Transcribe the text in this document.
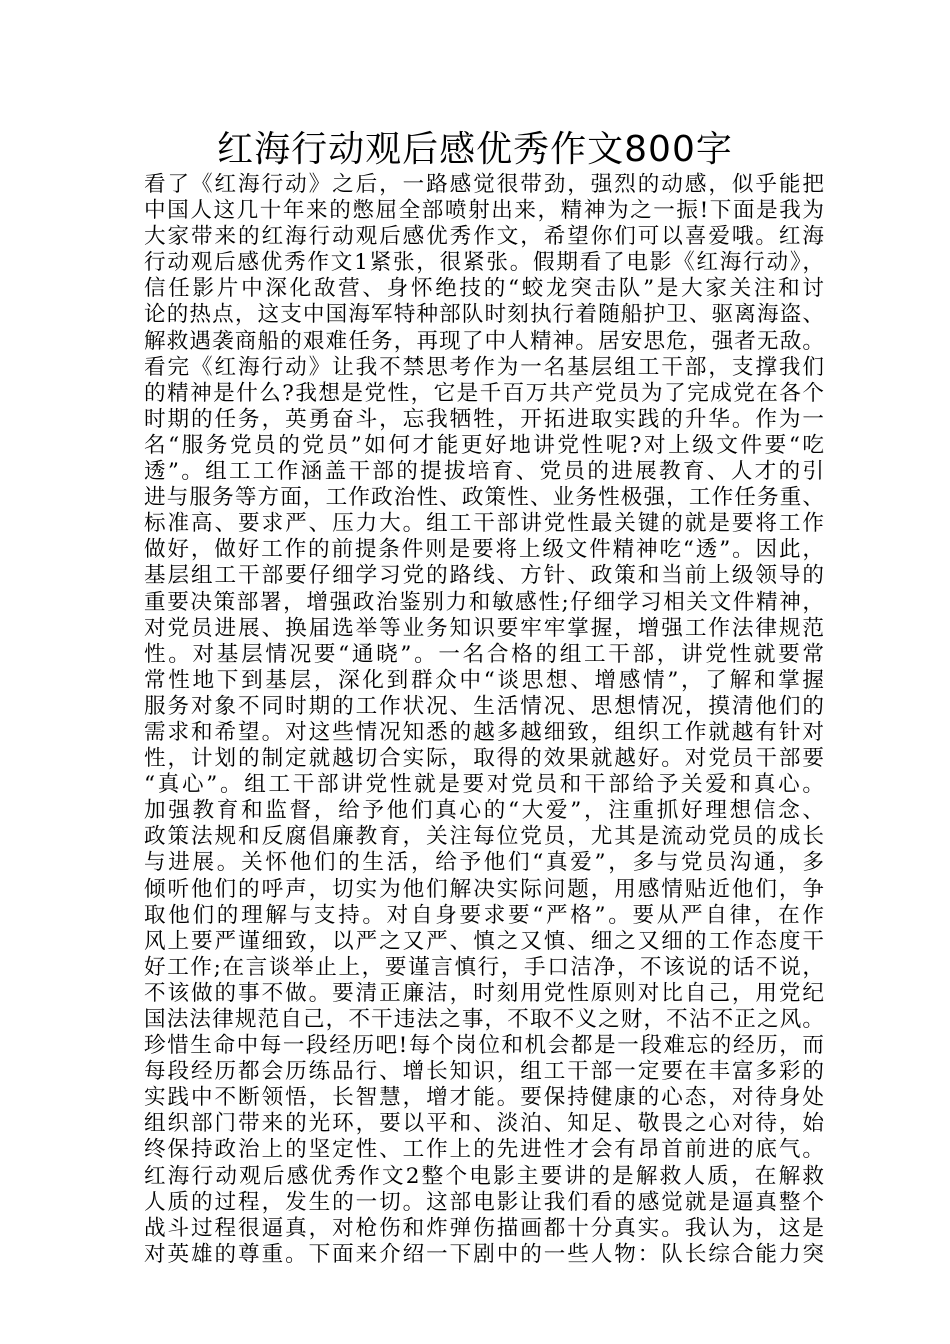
红海行动观后感优秀作文800字
看了《红海行动》之后，一路感觉很带劲，强烈的动感，似乎能把
中国人这几十年来的憋屈全部喷射出来，精神为之一振!下面是我为
大家带来的红海行动观后感优秀作文，希望你们可以喜爱哦。红海
行动观后感优秀作文1紧张，很紧张。假期看了电影《红海行动》，
信任影片中深化敌营、身怀绝技的“蛟龙突击队”是大家关注和讨
论的热点，这支中国海军特种部队时刻执行着随船护卫、驱离海盗、
解救遇袭商船的艰难任务，再现了中人精神。居安思危，强者无敌。
看完《红海行动》让我不禁思考作为一名基层组工干部，支撑我们
的精神是什么?我想是党性，它是千百万共产党员为了完成党在各个
时期的任务，英勇奋斗，忘我牺牲，开拓进取实践的升华。作为一
名“服务党员的党员”如何才能更好地讲党性呢?对上级文件要“吃
透”。组工工作涵盖干部的提拔培育、党员的进展教育、人才的引
进与服务等方面，工作政治性、政策性、业务性极强，工作任务重、
标准高、要求严、压力大。组工干部讲党性最关键的就是要将工作
做好，做好工作的前提条件则是要将上级文件精神吃“透”。因此，
基层组工干部要仔细学习党的路线、方针、政策和当前上级领导的
重要决策部署，增强政治鉴别力和敏感性;仔细学习相关文件精神，
对党员进展、换届选举等业务知识要牢牢掌握，增强工作法律规范
性。对基层情况要“通晓”。一名合格的组工干部，讲党性就要常
常性地下到基层，深化到群众中“谈思想、增感情”，了解和掌握
服务对象不同时期的工作状况、生活情况、思想情况，摸清他们的
需求和希望。对这些情况知悉的越多越细致，组织工作就越有针对
性，计划的制定就越切合实际，取得的效果就越好。对党员干部要
“真心”。组工干部讲党性就是要对党员和干部给予关爱和真心。
加强教育和监督，给予他们真心的“大爱”，注重抓好理想信念、
政策法规和反腐倡廉教育，关注每位党员，尤其是流动党员的成长
与进展。关怀他们的生活，给予他们“真爱”，多与党员沟通，多
倾听他们的呼声，切实为他们解决实际问题，用感情贴近他们，争
取他们的理解与支持。对自身要求要“严格”。要从严自律，在作
风上要严谨细致，以严之又严、慎之又慎、细之又细的工作态度干
好工作;在言谈举止上，要谨言慎行，手口洁净，不该说的话不说，
不该做的事不做。要清正廉洁，时刻用党性原则对比自己，用党纪
国法法律规范自己，不干违法之事，不取不义之财，不沾不正之风。
珍惜生命中每一段经历吧!每个岗位和机会都是一段难忘的经历，而
每段经历都会历练品行、增长知识，组工干部一定要在丰富多彩的
实践中不断领悟，长智慧，增才能。要保持健康的心态，对待身处
组织部门带来的光环，要以平和、淡泊、知足、敬畏之心对待，始
终保持政治上的坚定性、工作上的先进性才会有昂首前进的底气。
红海行动观后感优秀作文2整个电影主要讲的是解救人质，在解救
人质的过程，发生的一切。这部电影让我们看的感觉就是逼真整个
战斗过程很逼真，对枪伤和炸弹伤描画都十分真实。我认为，这是
对英雄的尊重。下面来介绍一下剧中的一些人物：队长综合能力突
